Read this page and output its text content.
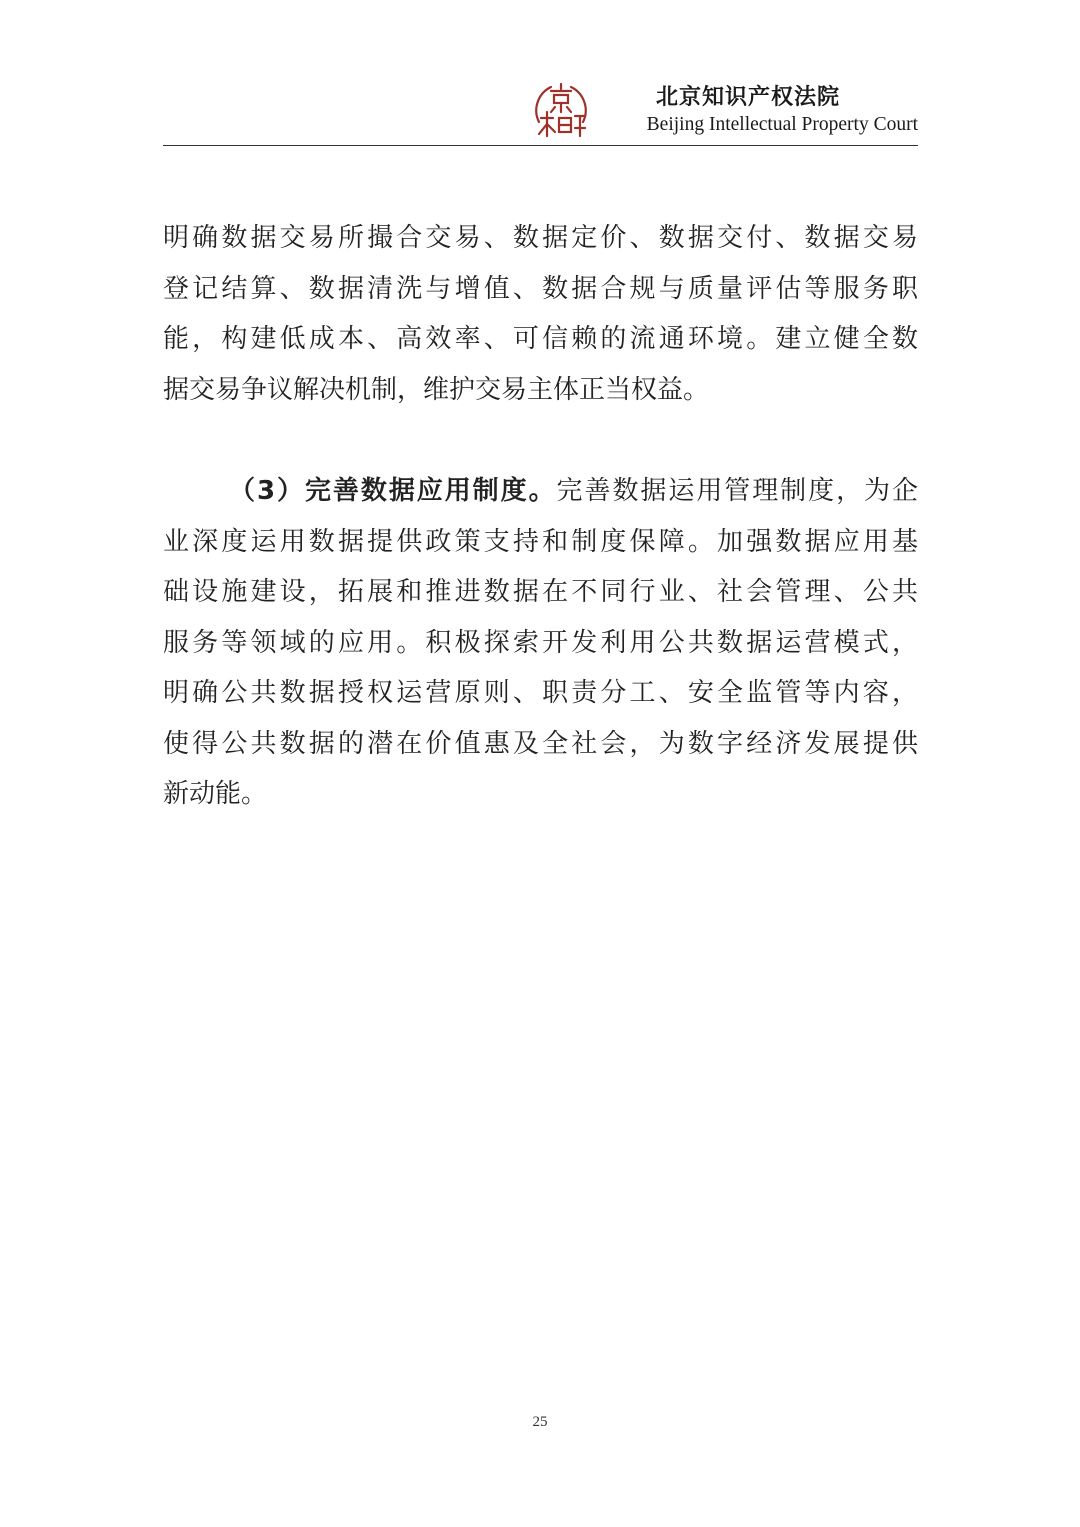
北京知识产权法院
Beijing Intellectual Property Court
明确数据交易所撮合交易、数据定价、数据交付、数据交易
登记结算、数据清洗与增值、数据合规与质量评估等服务职
能，构建低成本、高效率、可信赖的流通环境。建立健全数
据交易争议解决机制，维护交易主体正当权益。
（3）完善数据应用制度。完善数据运用管理制度，为企
业深度运用数据提供政策支持和制度保障。加强数据应用基
础设施建设，拓展和推进数据在不同行业、社会管理、公共
服务等领域的应用。积极探索开发利用公共数据运营模式，
明确公共数据授权运营原则、职责分工、安全监管等内容，
使得公共数据的潜在价值惠及全社会，为数字经济发展提供
新动能。
25
